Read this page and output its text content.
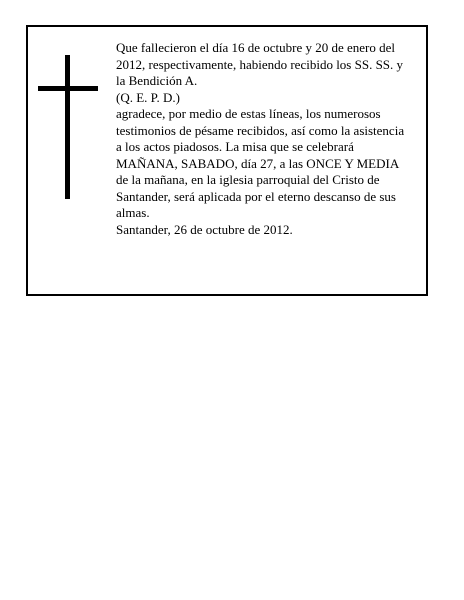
Que fallecieron el día 16 de octubre y 20 de enero del
2012, respectivamente, habiendo recibido los SS. SS. y
la Bendición A.

(Q. E. P. D.)

agradece, por medio de estas líneas, los numerosos
testimonios de pésame recibidos, así como la asistencia
a los actos piadosos. La misa que se celebrará
MAÑANA, SABADO, día 27, a las ONCE Y MEDIA
de la mañana, en la iglesia parroquial del Cristo de
Santander, será aplicada por el eterno descanso de sus
almas.

Santander, 26 de octubre de 2012.
